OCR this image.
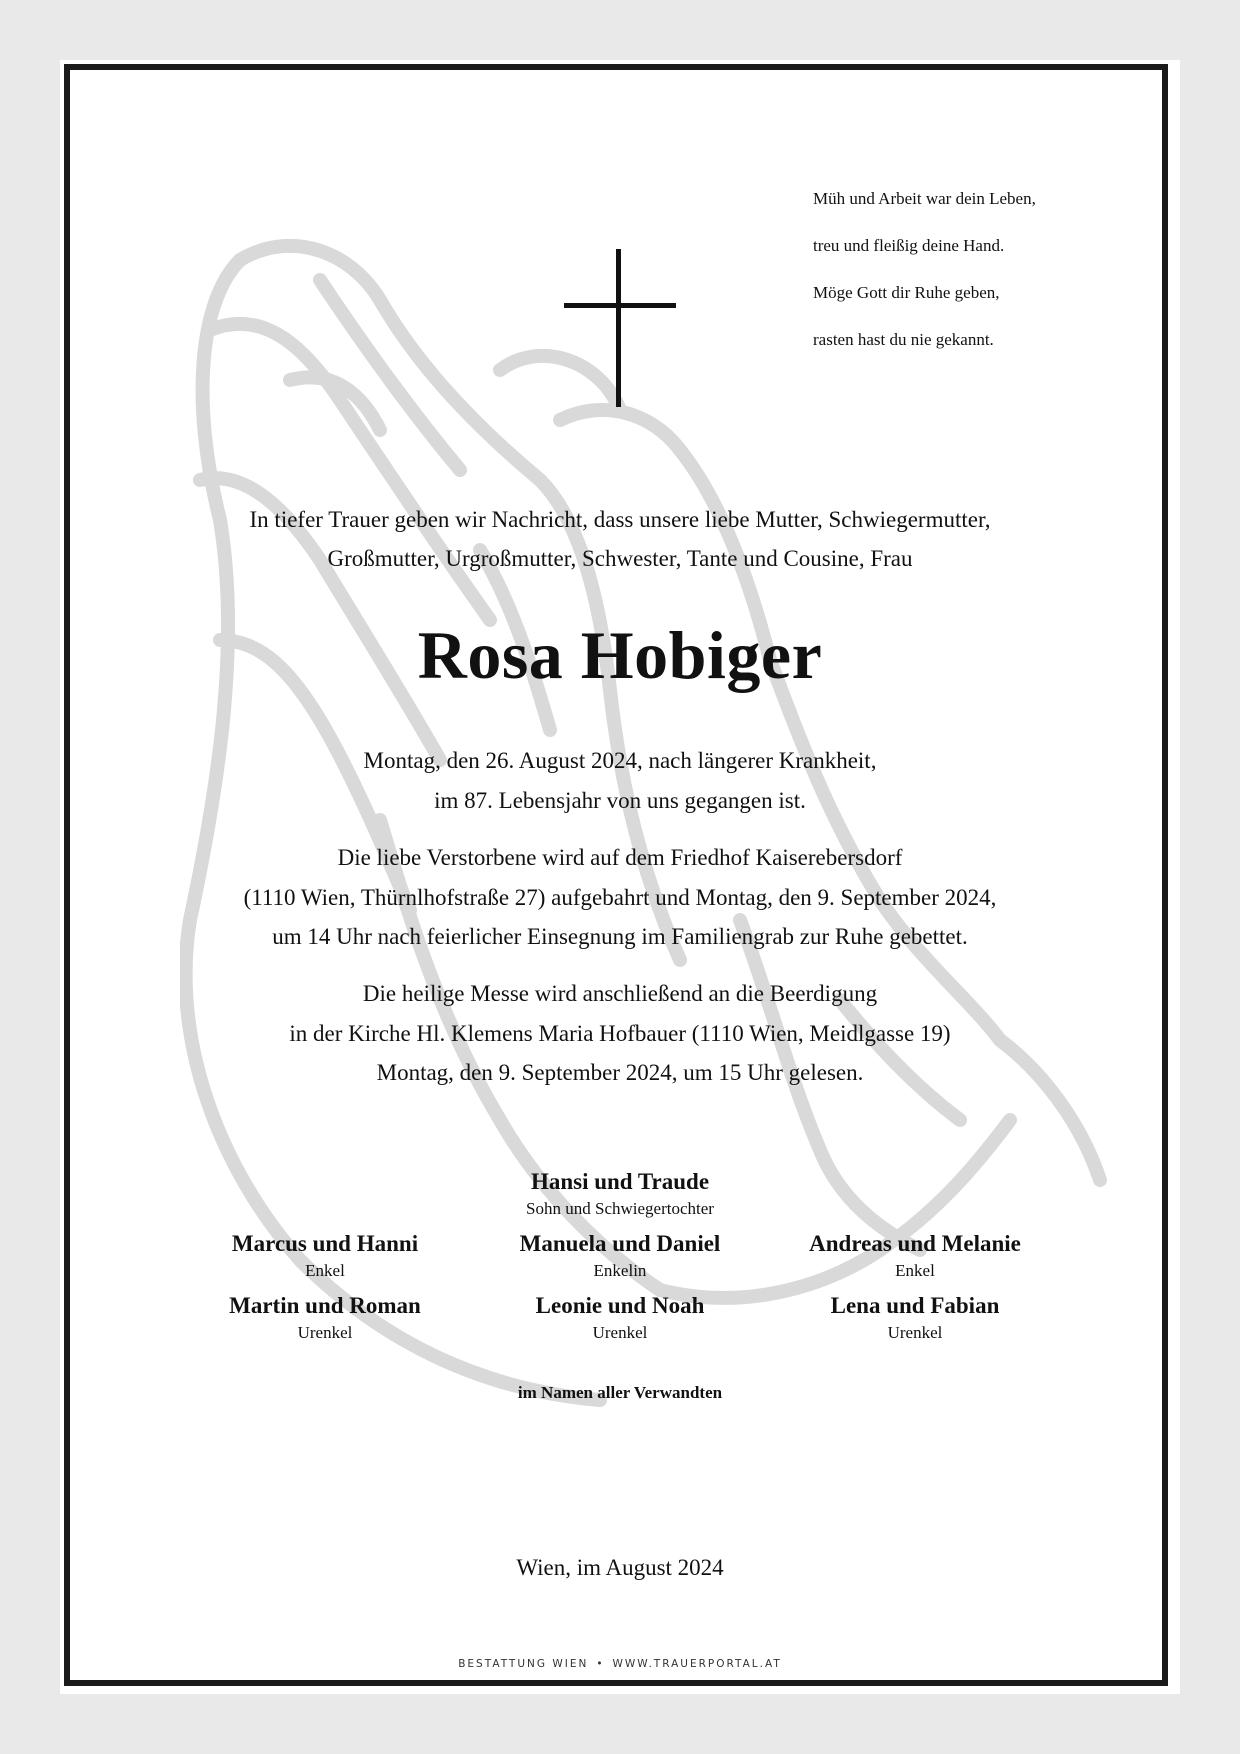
Müh und Arbeit war dein Leben,

treu und fleißig deine Hand.

Möge Gott dir Ruhe geben,

rasten hast du nie gekannt.

In tiefer Trauer geben wir Nachricht, dass unsere liebe Mutter, Schwiegermutter,
Großmutter, Urgroßmutter, Schwester, Tante und Cousine, Frau
Rosa Hobiger
Montag, den 26. August 2024, nach längerer Krankheit,
im 87. Lebensjahr von uns gegangen ist.
Die liebe Verstorbene wird auf dem Friedhof Kaiserebersdorf
(1110 Wien, Thürnlhofstraße 27) aufgebahrt und Montag, den 9. September 2024,
um 14 Uhr nach feierlicher Einsegnung im Familiengrab zur Ruhe gebettet.
Die heilige Messe wird anschließend an die Beerdigung
in der Kirche Hl. Klemens Maria Hofbauer (1110 Wien, Meidlgasse 19)
Montag, den 9. September 2024, um 15 Uhr gelesen.
Hansi und Traude
Sohn und Schwiegertochter
Marcus und Hanni
Enkel
Manuela und Daniel
Enkelin
Andreas und Melanie
Enkel
Martin und Roman
Urenkel
Leonie und Noah
Urenkel
Lena und Fabian
Urenkel
im Namen aller Verwandten
Wien, im August 2024
BESTATTUNG WIEN • WWW.TRAUERPORTAL.AT
